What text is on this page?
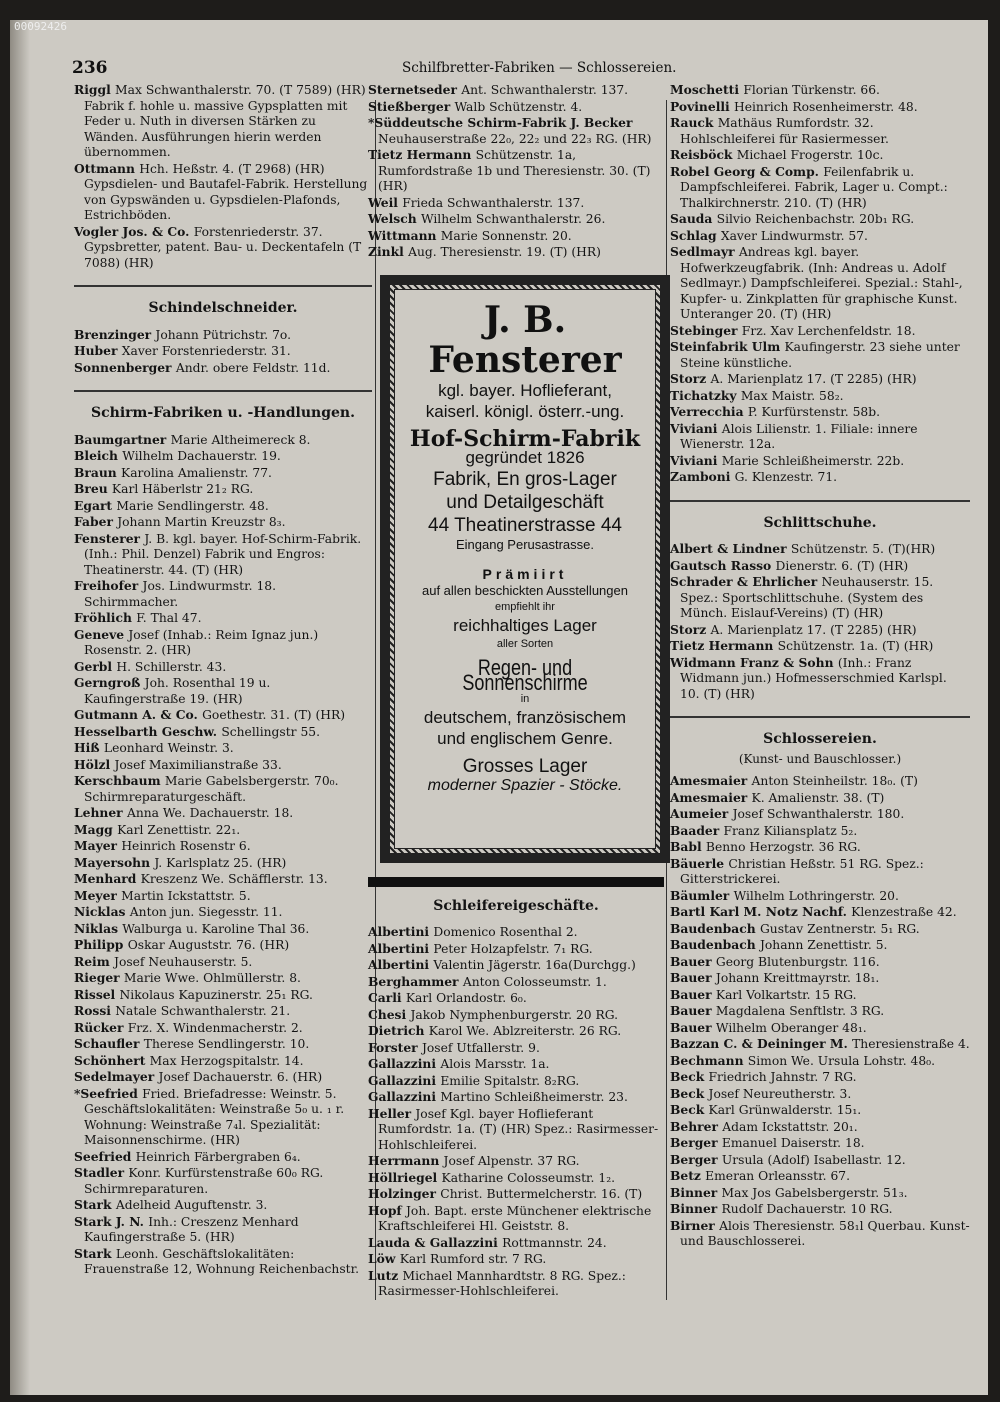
00092426
236	Schilfbretter-Fabriken — Schlossereien.

Riggl Max Schwanthalerstr. 70. (T 7589) (HR) Fabrik f. hohle u. massive Gypsplatten mit Feder u. Nuth in diversen Stärken zu Wänden. Ausführungen hierin werden übernommen.

Ottmann Hch. Heßstr. 4. (T 2968) (HR) Gypsdielen- und Bautafel-Fabrik. Herstellung von Gypswänden u. Gypsdielen-Plafonds, Estrichböden.

Vogler Jos. & Co. Forstenriederstr. 37. Gypsbretter, patent. Bau- u. Deckentafeln (T 7088) (HR)

Schindelschneider.

Brenzinger Johann Pütrichstr. 7o.

Huber Xaver Forstenriederstr. 31.

Sonnenberger Andr. obere Feldstr. 11d.

Schirm-Fabriken u. -Handlungen.

Baumgartner Marie Altheimereck 8.

Bleich Wilhelm Dachauerstr. 19.

Braun Karolina Amalienstr. 77.

Breu Karl Häberlstr 21₂ RG.

Egart Marie Sendlingerstr. 48.

Faber Johann Martin Kreuzstr 8₃.

Fensterer J. B. kgl. bayer. Hof-Schirm-Fabrik. (Inh.: Phil. Denzel) Fabrik und Engros: Theatinerstr. 44. (T) (HR)

Freihofer Jos. Lindwurmstr. 18. Schirmmacher.

Fröhlich F. Thal 47.

Geneve Josef (Inhab.: Reim Ignaz jun.) Rosenstr. 2. (HR)

Gerbl H. Schillerstr. 43.

Gerngroß Joh. Rosenthal 19 u. Kaufingerstraße 19. (HR)

Gutmann A. & Co. Goethestr. 31. (T) (HR)

Hesselbarth Geschw. Schellingstr 55.

Hiß Leonhard Weinstr. 3.

Hölzl Josef Maximilianstraße 33.

Kerschbaum Marie Gabelsbergerstr. 70₀. Schirmreparaturgeschäft.

Lehner Anna We. Dachauerstr. 18.

Magg Karl Zenettistr. 22₁.

Mayer Heinrich Rosenstr 6.

Mayersohn J. Karlsplatz 25. (HR)

Menhard Kreszenz We. Schäfflerstr. 13.

Meyer Martin Ickstattstr. 5.

Nicklas Anton jun. Siegesstr. 11.

Niklas Walburga u. Karoline Thal 36.

Philipp Oskar Auguststr. 76. (HR)

Reim Josef Neuhauserstr. 5.

Rieger Marie Wwe. Ohlmüllerstr. 8.

Rissel Nikolaus Kapuzinerstr. 25₁ RG.

Rossi Natale Schwanthalerstr. 21.

Rücker Frz. X. Windenmacherstr. 2.

Schaufler Therese Sendlingerstr. 10.

Schönhert Max Herzogspitalstr. 14.

Sedelmayer Josef Dachauerstr. 6. (HR)

*Seefried Fried. Briefadresse: Weinstr. 5. Geschäftslokalitäten: Weinstraße 5₀ u. ₁ r. Wohnung: Weinstraße 7₄l. Spezialität: Maisonnenschirme. (HR)

Seefried Heinrich Färbergraben 6₄.

Stadler Konr. Kurfürstenstraße 60₀ RG. Schirmreparaturen.

Stark Adelheid Auguftenstr. 3.

Stark J. N. Inh.: Creszenz Menhard Kaufingerstraße 5. (HR)

Stark Leonh. Geschäftslokalitäten: Frauenstraße 12, Wohnung Reichenbachstr.

Sternetseder Ant. Schwanthalerstr. 137.

Stießberger Walb Schützenstr. 4.

*Süddeutsche Schirm-Fabrik J. BeckerNeuhauserstraße 22₀, 22₂ und 22₃ RG. (HR)

Tietz Hermann Schützenstr. 1a, Rumfordstraße 1b und Theresienstr. 30. (T) (HR)

Weil Frieda Schwanthalerstr. 137.

Welsch Wilhelm Schwanthalerstr. 26.

Wittmann Marie Sonnenstr. 20.

Zinkl Aug. Theresienstr. 19. (T) (HR)

J. B. Fensterer
kgl. bayer. Hoflieferant,
kaiserl. königl. österr.-ung.
Hof-Schirm-Fabrik
gegründet 1826
Fabrik, En gros-Lager
und Detailgeschäft
44 Theatinerstrasse 44
Eingang Perusastrasse.
Prämiirt
auf allen beschickten Ausstellungen
empfiehlt ihr
reichhaltiges Lager
aller Sorten
Regen- und Sonnenschirme
in
deutschem, französischem
und englischem Genre.
Grosses Lager
moderner Spazier - Stöcke.
Schleifereigeschäfte.

Albertini Domenico Rosenthal 2.

Albertini Peter Holzapfelstr. 7₁ RG.

Albertini Valentin Jägerstr. 16a(Durchgg.)

Berghammer Anton Colosseumstr. 1.

Carli Karl Orlandostr. 6₀.

Chesi Jakob Nymphenburgerstr. 20 RG.

Dietrich Karol We. Ablzreiterstr. 26 RG.

Forster Josef Utfallerstr. 9.

Gallazzini Alois Marsstr. 1a.

Gallazzini Emilie Spitalstr. 8₂RG.

Gallazzini Martino Schleißheimerstr. 23.

Heller Josef Kgl. bayer Hoflieferant Rumfordstr. 1a. (T) (HR) Spez.: Rasirmesser-Hohlschleiferei.

Herrmann Josef Alpenstr. 37 RG.

Höllriegel Katharine Colosseumstr. 1₂.

Holzinger Christ. Buttermelcherstr. 16. (T)

Hopf Joh. Bapt. erste Münchener elektrische Kraftschleiferei Hl. Geiststr. 8.

Lauda & Gallazzini Rottmannstr. 24.

Löw Karl Rumford str. 7 RG.

Lutz Michael Mannhardtstr. 8 RG. Spez.: Rasirmesser-Hohlschleiferei.

Moschetti Florian Türkenstr. 66.

Povinelli Heinrich Rosenheimerstr. 48.

Rauck Mathäus Rumfordstr. 32. Hohlschleiferei für Rasiermesser.

Reisböck Michael Frogerstr. 10c.

Robel Georg & Comp. Feilenfabrik u. Dampfschleiferei. Fabrik, Lager u. Compt.: Thalkirchnerstr. 210. (T) (HR)

Sauda Silvio Reichenbachstr. 20b₁ RG.

Schlag Xaver Lindwurmstr. 57.

Sedlmayr Andreas kgl. bayer. Hofwerkzeugfabrik. (Inh: Andreas u. Adolf Sedlmayr.) Dampfschleiferei. Spezial.: Stahl-, Kupfer- u. Zinkplatten für graphische Kunst. Unteranger 20. (T) (HR)

Stebinger Frz. Xav Lerchenfeldstr. 18.

Steinfabrik Ulm Kaufingerstr. 23 siehe unter Steine künstliche.

Storz A. Marienplatz 17. (T 2285) (HR)

Tichatzky Max Maistr. 58₂.

Verrecchia P. Kurfürstenstr. 58b.

Viviani Alois Lilienstr. 1. Filiale: innere Wienerstr. 12a.

Viviani Marie Schleißheimerstr. 22b.

Zamboni G. Klenzestr. 71.

Schlittschuhe.

Albert & Lindner Schützenstr. 5. (T)(HR)

Gautsch Rasso Dienerstr. 6. (T) (HR)

Schrader & Ehrlicher Neuhauserstr. 15. Spez.: Sportschlittschuhe. (System des Münch. Eislauf-Vereins) (T) (HR)

Storz A. Marienplatz 17. (T 2285) (HR)

Tietz Hermann Schützenstr. 1a. (T) (HR)

Widmann Franz & Sohn (Inh.: Franz Widmann jun.) Hofmesserschmied Karlspl. 10. (T) (HR)

Schlossereien.
(Kunst- und Bauschlosser.)

Amesmaier Anton Steinheilstr. 18₀. (T)

Amesmaier K. Amalienstr. 38. (T)

Aumeier Josef Schwanthalerstr. 180.

Baader Franz Kiliansplatz 5₂.

Babl Benno Herzogstr. 36 RG.

Bäuerle Christian Heßstr. 51 RG. Spez.: Gitterstrickerei.

Bäumler Wilhelm Lothringerstr. 20.

Bartl Karl M. Notz Nachf. Klenzestraße 42.

Baudenbach Gustav Zentnerstr. 5₁ RG.

Baudenbach Johann Zenettistr. 5.

Bauer Georg Blutenburgstr. 116.

Bauer Johann Kreittmayrstr. 18₁.

Bauer Karl Volkartstr. 15 RG.

Bauer Magdalena Senftlstr. 3 RG.

Bauer Wilhelm Oberanger 48₁.

Bazzan C. & Deininger M. Theresienstraße 4.

Bechmann Simon We. Ursula Lohstr. 48₀.

Beck Friedrich Jahnstr. 7 RG.

Beck Josef Neureutherstr. 3.

Beck Karl Grünwalderstr. 15₁.

Behrer Adam Ickstattstr. 20₁.

Berger Emanuel Daiserstr. 18.

Berger Ursula (Adolf) Isabellastr. 12.

Betz Emeran Orleansstr. 67.

Binner Max Jos Gabelsbergerstr. 51₃.

Binner Rudolf Dachauerstr. 10 RG.

Birner Alois Theresienstr. 58₁l Querbau. Kunst- und Bauschlosserei.
